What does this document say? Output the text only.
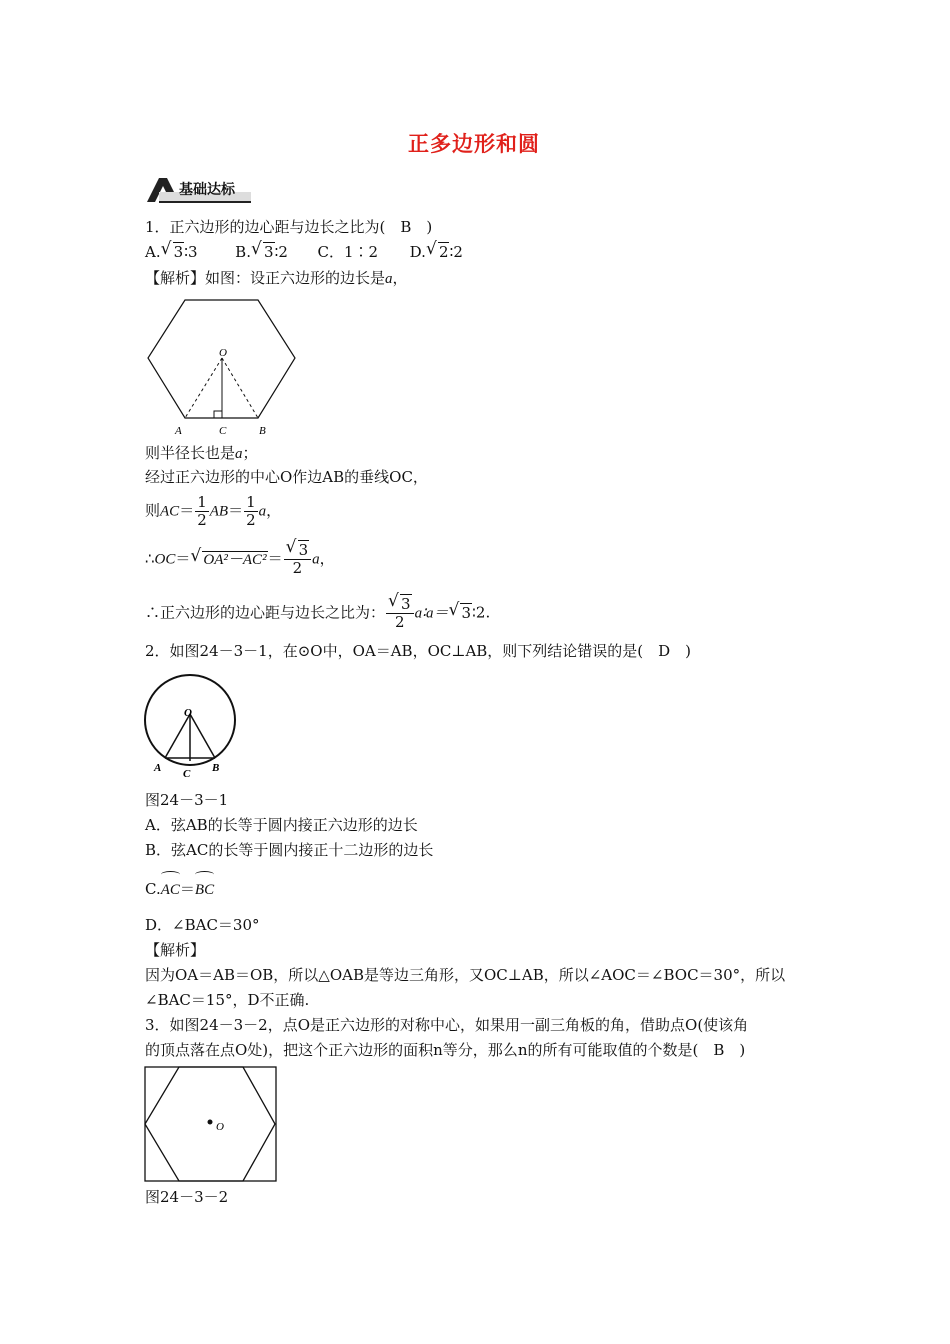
正多边形和圆
基础达标
1．正六边形的边心距与边长之比为(　B　)
A. √ 3∶3	B. √ 3∶2 C．1∶2 D. √ 2∶2
【解析】如图：设正六边形的边长是a，
O
A	C	B
则半径长也是a；
经过正六边形的中心O作边AB的垂线OC，
则$AC= \frac{1}{2} AB= \frac{1}{2}$ a，
∴OC＝ √ $OA^2-AC^2= \frac{√ 3}{2}$ a，
∴正六边形的边心距与边长之比为： $\frac{√ 3}{2}$ a∶a＝ √ 3∶2.
2．如图24－3－1，在⊙O中，OA＝AB，OC⊥AB，则下列结论错误的是(　D　)
O
A C B
图24－3－1
A．弦AB的长等于圆内接正六边形的边长
B．弦AC的长等于圆内接正十二边形的边长
C.
AC＝
BC
D．∠BAC＝30°
【解析】
因为OA＝AB＝OB，所以△OAB是等边三角形，又OC⊥AB，所以∠AOC＝∠BOC＝30°，所以
∠BAC＝15°，D不正确.
3．如图24－3－2，点O是正六边形的对称中心，如果用一副三角板的角，借助点O(使该角
的顶点落在点O处)，把这个正六边形的面积n等分，那么n的所有可能取值的个数是(　B　)
O
图24－3－2
